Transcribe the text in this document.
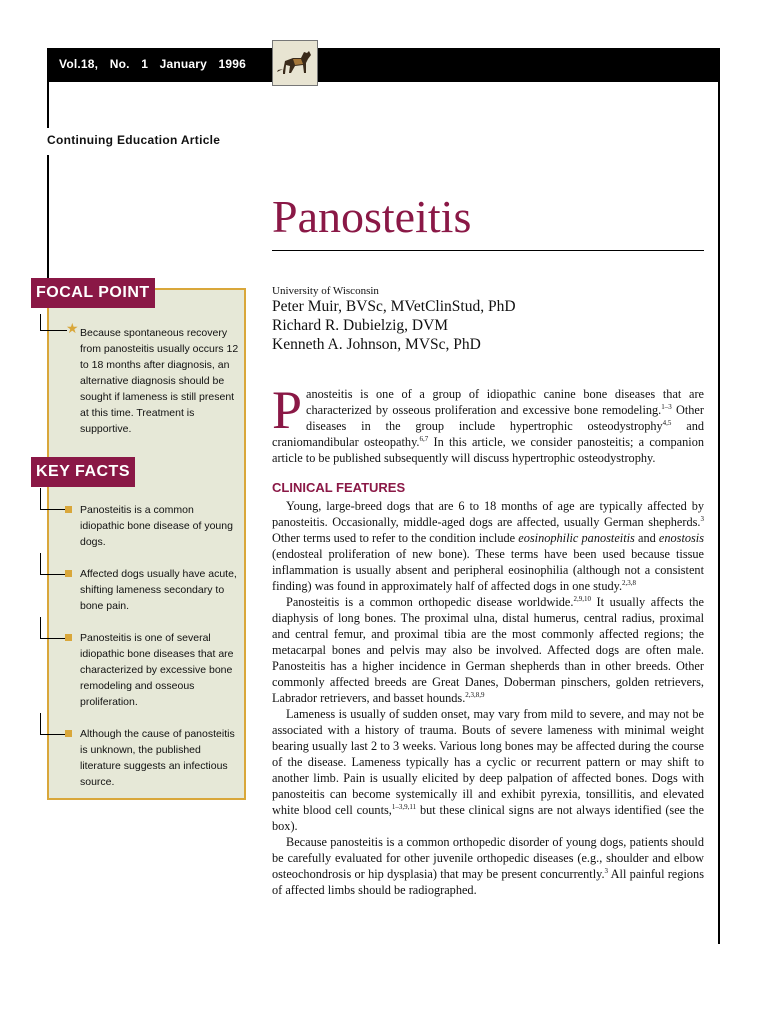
Vol.18, No. 1 January 1996
Continuing Education Article
Panosteitis
University of Wisconsin
Peter Muir, BVSc, MVetClinStud, PhD
Richard R. Dubielzig, DVM
Kenneth A. Johnson, MVSc, PhD
FOCAL POINT
★ Because spontaneous recovery from panosteitis usually occurs 12 to 18 months after diagnosis, an alternative diagnosis should be sought if lameness is still present at this time. Treatment is supportive.
KEY FACTS
Panosteitis is a common idiopathic bone disease of young dogs.
Affected dogs usually have acute, shifting lameness secondary to bone pain.
Panosteitis is one of several idiopathic bone diseases that are characterized by excessive bone remodeling and osseous proliferation.
Although the cause of panosteitis is unknown, the published literature suggests an infectious source.

Panosteitis is one of a group of idiopathic canine bone diseases that are characterized by osseous proliferation and excessive bone remodeling.$^{1-3}$ Other diseases in the group include hypertrophic osteodystrophy$^{4,5}$ and craniomandibular osteopathy.$^{6,7}$ In this article, we consider panosteitis; a companion article to be published subsequently will discuss hypertrophic osteodystrophy.

CLINICAL FEATURES

Young, large-breed dogs that are 6 to 18 months of age are typically affected by panosteitis. Occasionally, middle-aged dogs are affected, usually German shepherds.$^3$ Other terms used to refer to the condition include eosinophilic panosteitis and enostosis (endosteal proliferation of new bone). These terms have been used because tissue inflammation is usually absent and peripheral eosinophilia (although not a consistent finding) was found in approximately half of affected dogs in one study.$^{2,3,8}$

Panosteitis is a common orthopedic disease worldwide.$^{2,9,10}$ It usually affects the diaphysis of long bones. The proximal ulna, distal humerus, central radius, proximal and central femur, and proximal tibia are the most commonly affected regions; the metacarpal bones and pelvis may also be involved. Affected dogs are often male. Panosteitis has a higher incidence in German shepherds than in other breeds. Other commonly affected breeds are Great Danes, Doberman pinschers, golden retrievers, Labrador retrievers, and basset hounds.$^{2,3,8,9}$

Lameness is usually of sudden onset, may vary from mild to severe, and may not be associated with a history of trauma. Bouts of severe lameness with minimal weight bearing usually last 2 to 3 weeks. Various long bones may be affected during the course of the disease. Lameness typically has a cyclic or recurrent pattern or may shift to another limb. Pain is usually elicited by deep palpation of affected bones. Dogs with panosteitis can become systemically ill and exhibit pyrexia, tonsillitis, and elevated white blood cell counts,$^{1-3,9,11}$ but these clinical signs are not always identified (see the box).

Because panosteitis is a common orthopedic disorder of young dogs, patients should be carefully evaluated for other juvenile orthopedic diseases (e.g., shoulder and elbow osteochondrosis or hip dysplasia) that may be present concurrently.$^3$ All painful regions of affected limbs should be radiographed.
